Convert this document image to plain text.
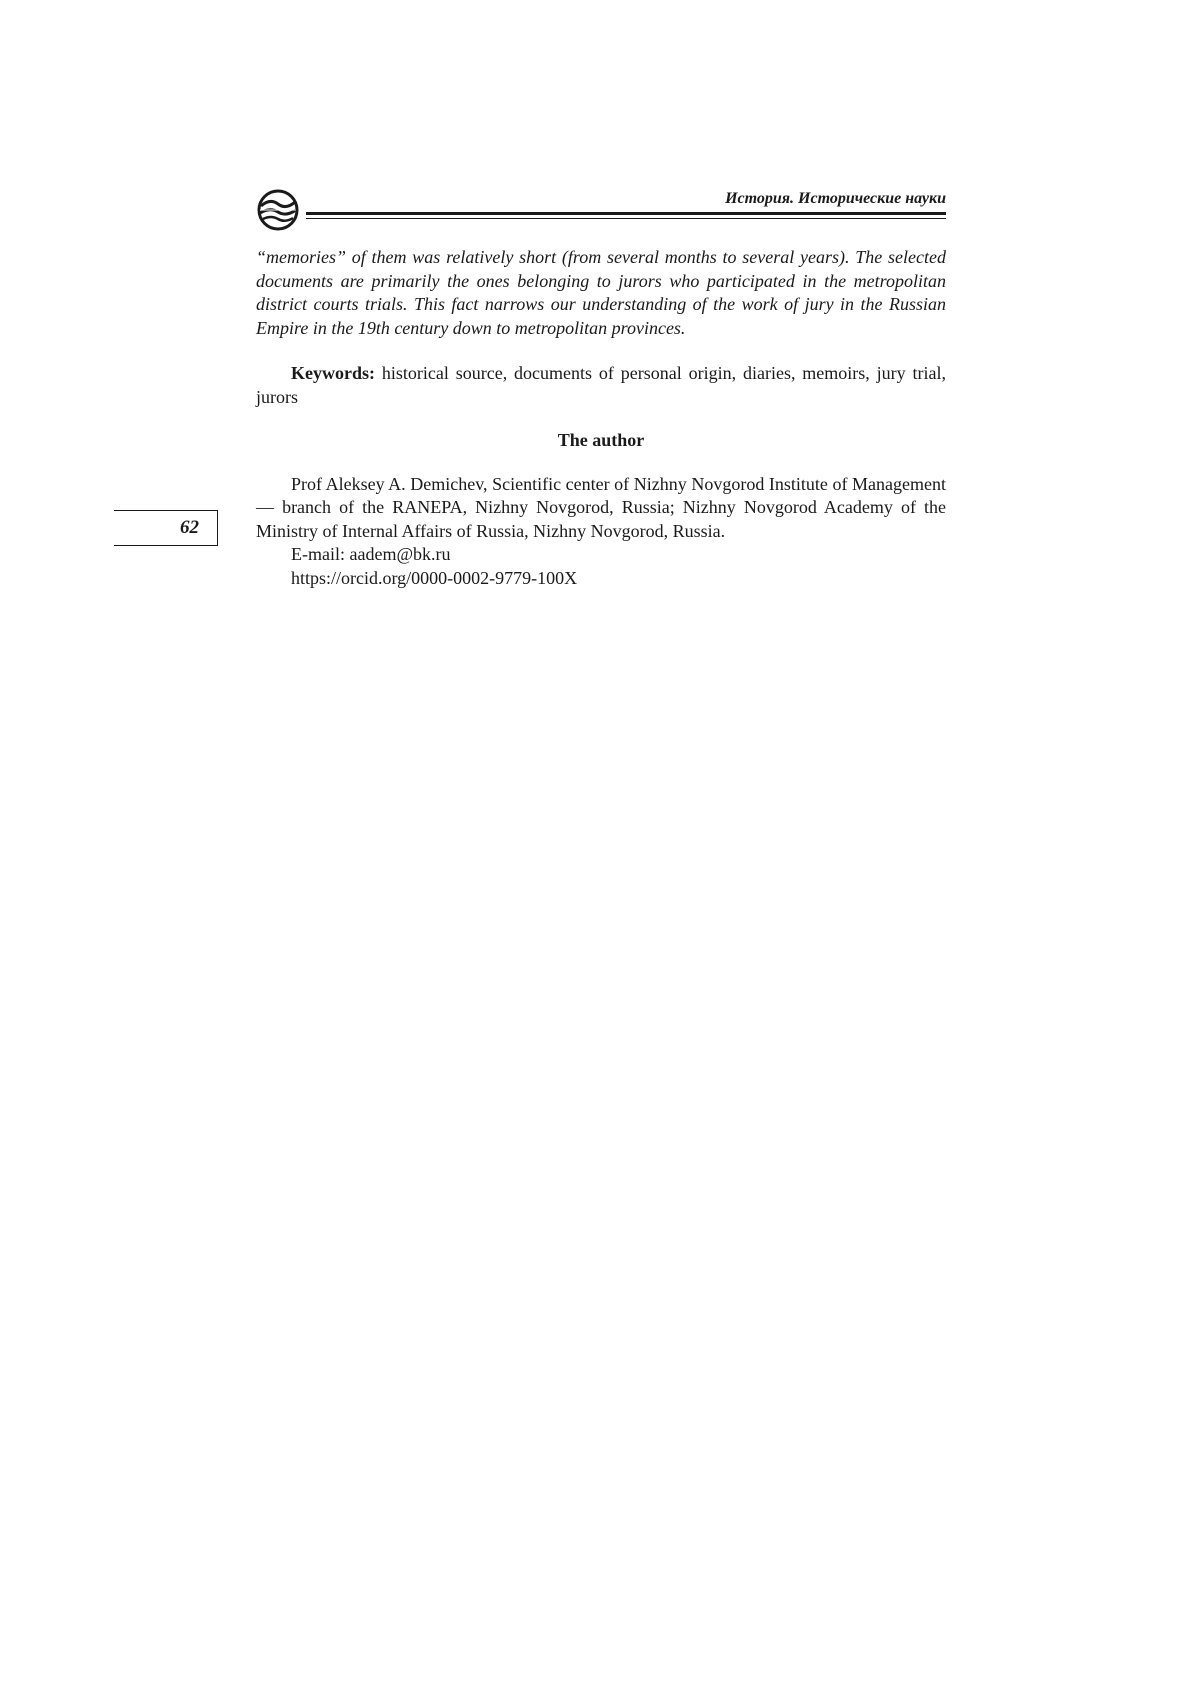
История. Исторические науки

“memories” of them was relatively short (from several months to several years). The selected documents are primarily the ones belonging to jurors who participated in the metropolitan district courts trials. This fact narrows our understanding of the work of jury in the Russian Empire in the 19th century down to metropolitan provinces.

Keywords: historical source, documents of personal origin, diaries, memoirs, jury trial, jurors

The author

Prof Aleksey A. Demichev, Scientific center of Nizhny Novgorod Institute of Management — branch of the RANEPA, Nizhny Novgorod, Russia; Nizhny Novgorod Academy of the Ministry of Internal Affairs of Russia, Nizhny Novgorod, Russia.

E-mail: aadem@bk.ru
https://orcid.org/0000-0002-9779-100X
62
